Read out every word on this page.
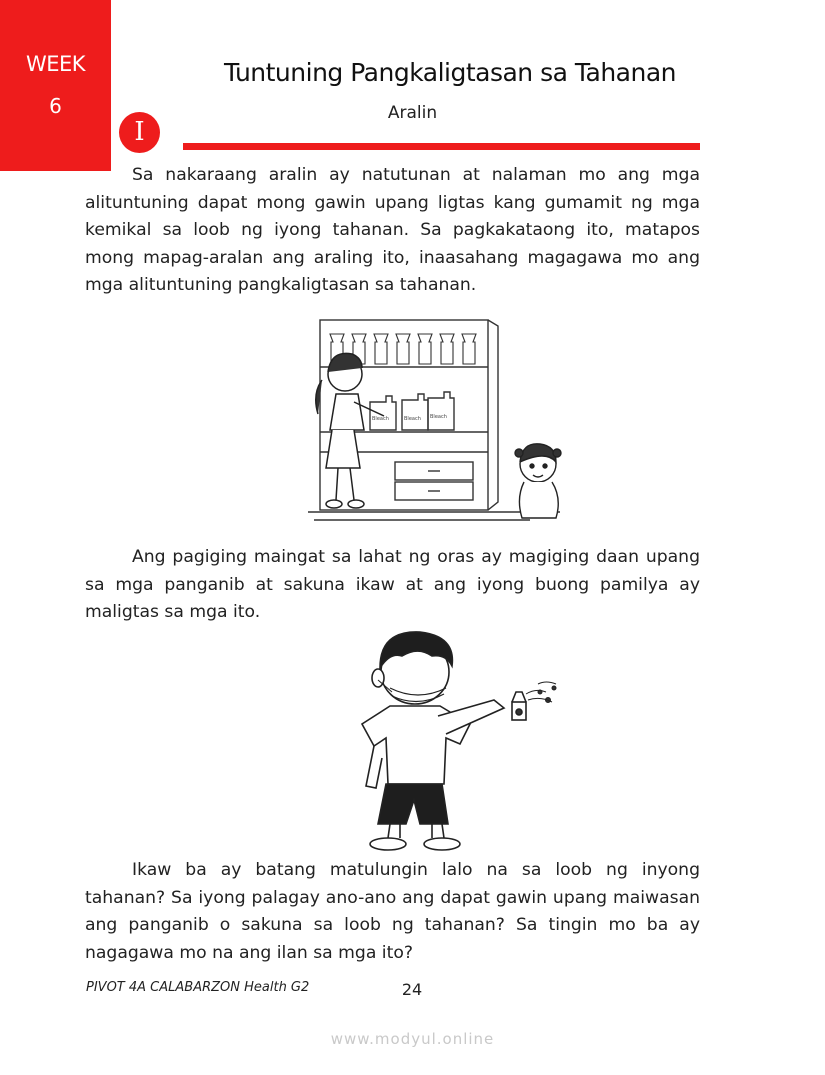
WEEK
6
Tuntuning Pangkaligtasan sa Tahanan
Aralin
I

Sa nakaraang aralin ay natutunan at nalaman mo ang mga alituntuning dapat mong gawin upang ligtas kang gumamit ng mga kemikal sa loob ng iyong tahanan. Sa pagkakataong ito, matapos mong mapag-aralan ang araling ito, inaasahang magagawa mo ang mga alituntuning pangkaligtasan sa tahanan.

Bleach	Bleach Bleach

Ang pagiging maingat sa lahat ng oras ay magiging daan upang sa mga panganib at sakuna ikaw at ang iyong buong pamilya ay maligtas sa mga ito.

Ikaw ba ay batang matulungin lalo na sa loob ng inyong tahanan? Sa iyong palagay ano-ano ang dapat gawin upang maiwasan ang panganib o sakuna sa loob ng tahanan? Sa tingin mo ba ay nagagawa mo na ang ilan sa mga ito?

PIVOT 4A CALABARZON Health G2	24
www.modyul.online
